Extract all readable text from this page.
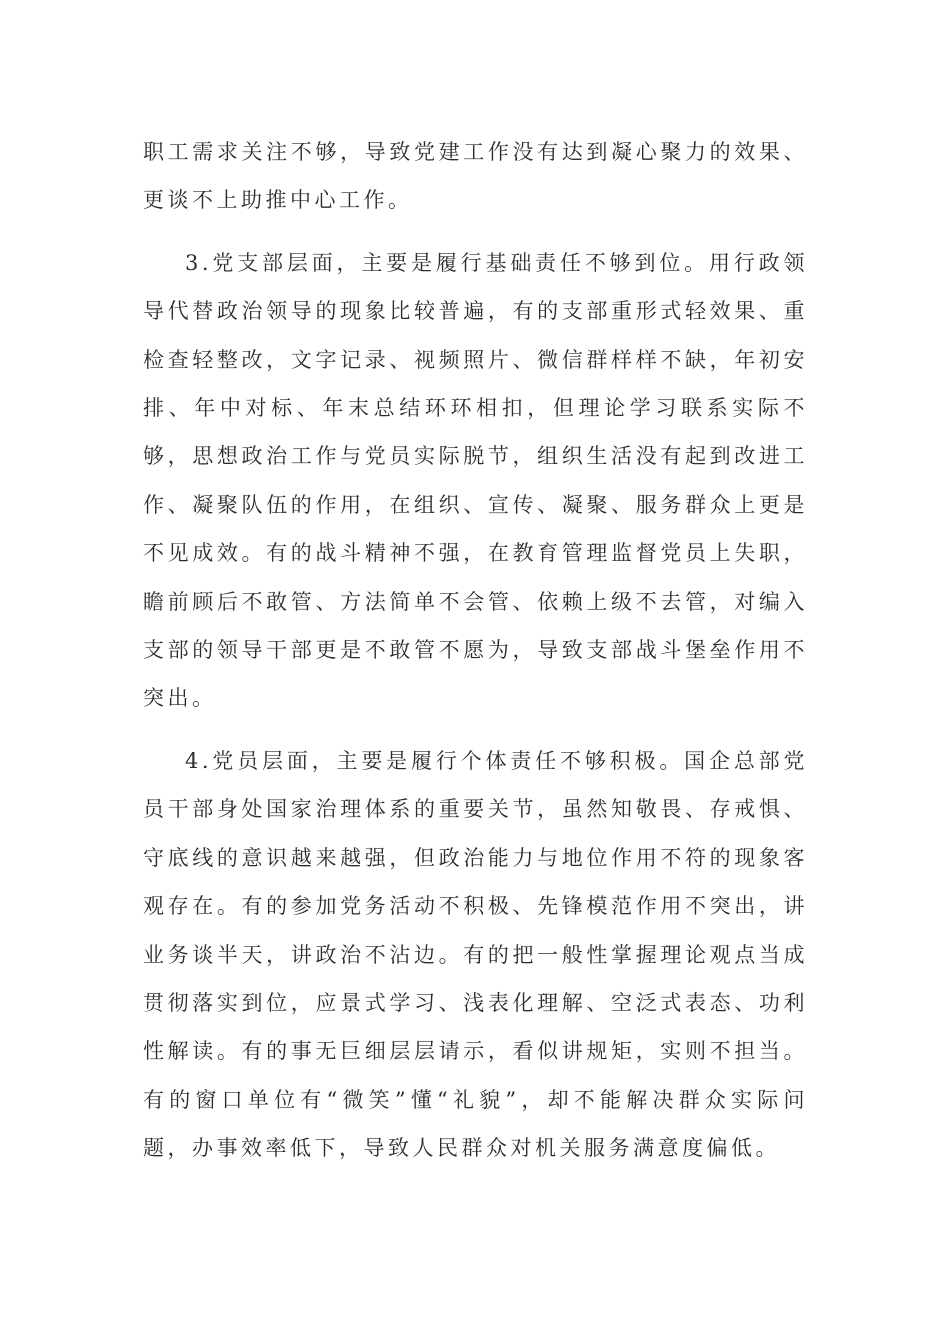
职工需求关注不够，导致党建工作没有达到凝心聚力的效果、更谈不上助推中心工作。

3.党支部层面，主要是履行基础责任不够到位。用行政领导代替政治领导的现象比较普遍，有的支部重形式轻效果、重检查轻整改，文字记录、视频照片、微信群样样不缺，年初安排、年中对标、年末总结环环相扣，但理论学习联系实际不够，思想政治工作与党员实际脱节，组织生活没有起到改进工作、凝聚队伍的作用，在组织、宣传、凝聚、服务群众上更是不见成效。有的战斗精神不强，在教育管理监督党员上失职，瞻前顾后不敢管、方法简单不会管、依赖上级不去管，对编入支部的领导干部更是不敢管不愿为，导致支部战斗堡垒作用不突出。

4.党员层面，主要是履行个体责任不够积极。国企总部党员干部身处国家治理体系的重要关节，虽然知敬畏、存戒惧、守底线的意识越来越强，但政治能力与地位作用不符的现象客观存在。有的参加党务活动不积极、先锋模范作用不突出，讲业务谈半天，讲政治不沾边。有的把一般性掌握理论观点当成贯彻落实到位，应景式学习、浅表化理解、空泛式表态、功利性解读。有的事无巨细层层请示，看似讲规矩，实则不担当。有的窗口单位有“微笑”懂“礼貌”，却不能解决群众实际问题，办事效率低下，导致人民群众对机关服务满意度偏低。
